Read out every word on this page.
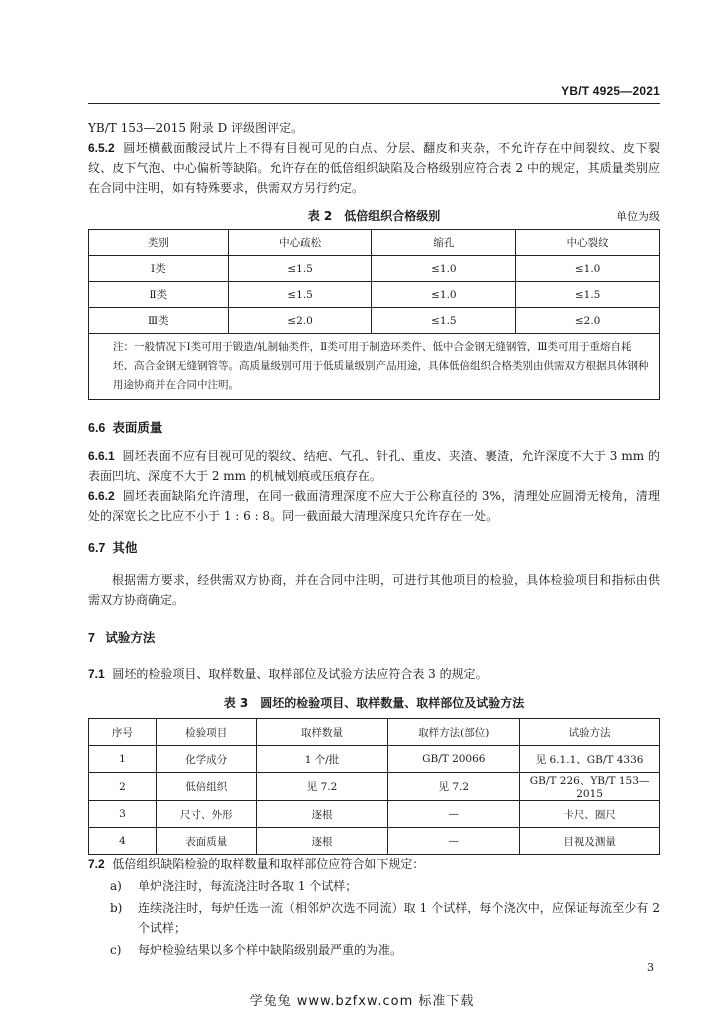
YB/T 4925—2021

YB/T 153—2015 附录 D 评级图评定。

6.5.2 圆坯横截面酸浸试片上不得有目视可见的白点、分层、翻皮和夹杂，不允许存在中间裂纹、皮下裂纹、皮下气泡、中心偏析等缺陷。允许存在的低倍组织缺陷及合格级别应符合表 2 中的规定，其质量类别应在合同中注明，如有特殊要求，供需双方另行约定。

表 2　低倍组织合格级别	单位为级
类别	中心疏松	缩孔	中心裂纹
Ⅰ类	≤1.5	≤1.0	≤1.0
Ⅱ类	≤1.5	≤1.0	≤1.5
Ⅲ类	≤2.0	≤1.5	≤2.0
注：一般情况下Ⅰ类可用于锻造/轧制轴类件，Ⅱ类可用于制造环类件、低中合金钢无缝钢管，Ⅲ类可用于重熔自耗坯、高合金钢无缝钢管等。高质量级别可用于低质量级别产品用途，具体低倍组织合格类别由供需双方根据具体钢种用途协商并在合同中注明。			
6.6 表面质量

6.6.1 圆坯表面不应有目视可见的裂纹、结疤、气孔、针孔、重皮、夹渣、裹渣，允许深度不大于 3 mm 的表面凹坑、深度不大于 2 mm 的机械划痕或压痕存在。

6.6.2 圆坯表面缺陷允许清理，在同一截面清理深度不应大于公称直径的 3%，清理处应圆滑无棱角，清理处的深宽长之比应不小于 1 : 6 : 8。同一截面最大清理深度只允许存在一处。

6.7 其他

根据需方要求，经供需双方协商，并在合同中注明，可进行其他项目的检验，具体检验项目和指标由供需双方协商确定。

7 试验方法

7.1 圆坯的检验项目、取样数量、取样部位及试验方法应符合表 3 的规定。

表 3　圆坯的检验项目、取样数量、取样部位及试验方法
序号	检验项目	取样数量	取样方法(部位)	试验方法
1	化学成分	1 个/批	GB/T 20066	见 6.1.1、GB/T 4336
2	低倍组织	见 7.2	见 7.2	GB/T 226、YB/T 153—2015
3	尺寸、外形	逐根	—	卡尺、圈尺
4	表面质量	逐根	—	目视及测量

7.2 低倍组织缺陷检验的取样数量和取样部位应符合如下规定：

a)	单炉浇注时，每流浇注时各取 1 个试样；
b)	连续浇注时，每炉任选一流（相邻炉次选不同流）取 1 个试样，每个浇次中，应保证每流至少有 2 个试样；
c)	每炉检验结果以多个样中缺陷级别最严重的为准。
3
学兔兔 www.bzfxw.com 标准下载
